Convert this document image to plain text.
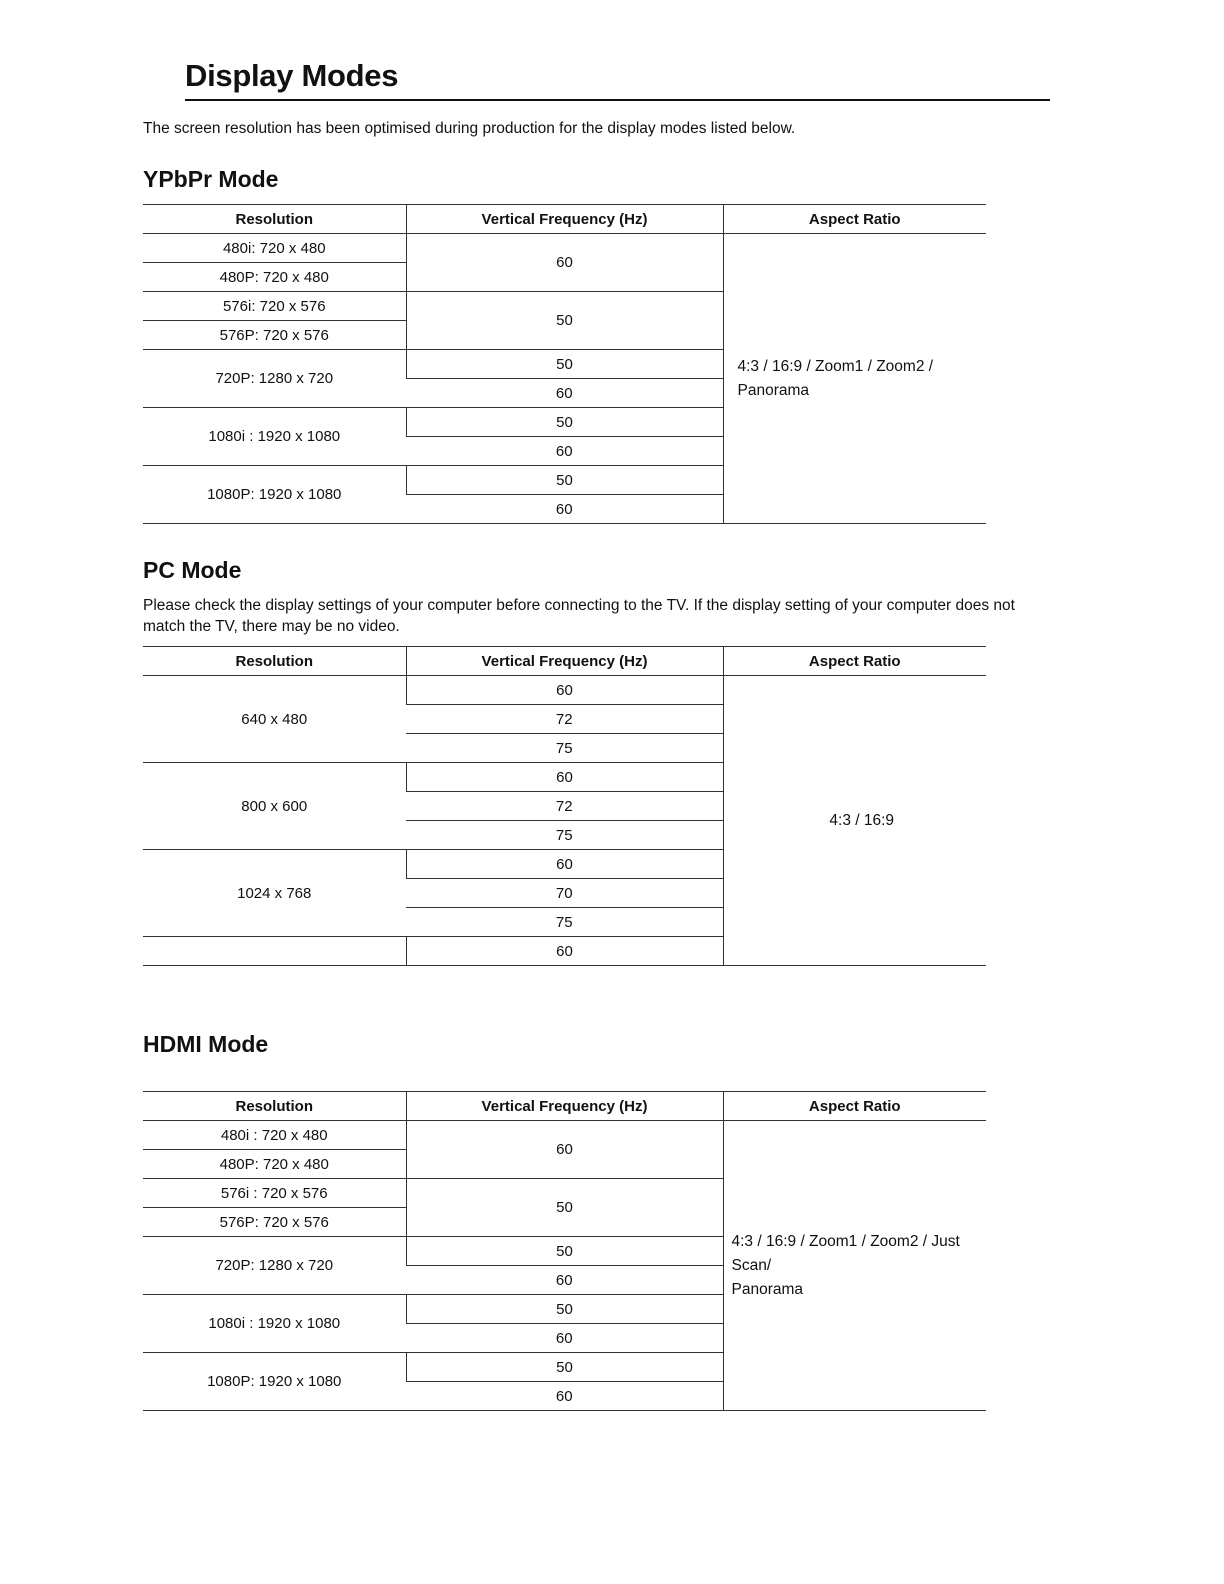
Display Modes

The screen resolution has been optimised during production for the display modes listed below.

YPbPr Mode
Resolution	Vertical Frequency (Hz)	Aspect Ratio
480i: 720 x 480	60	4:3 / 16:9 / Zoom1 / Zoom2 / Panorama
480P: 720 x 480		
576i: 720 x 576	50	
576P: 720 x 576		
720P: 1280 x 720	50	
	60	
1080i : 1920 x 1080	50	
	60	
1080P: 1920 x 1080	50	
	60	
PC Mode

Please check the display settings of your computer before connecting to the TV. If the display setting of your computer does not match the TV, there may be no video.

Resolution	Vertical Frequency (Hz)	Aspect Ratio
640 x 480	60	4:3 / 16:9
	72	
	75	
800 x 600	60	
	72	
	75	
1024 x 768	60	
	70	
	75	
	60	
HDMI Mode
Resolution	Vertical Frequency (Hz)	Aspect Ratio
480i : 720 x 480	60	4:3 / 16:9 / Zoom1 / Zoom2 / Just Scan/
Panorama

480P: 720 x 480		
576i : 720 x 576	50	
576P: 720 x 576		
720P: 1280 x 720	50	
	60	
1080i : 1920 x 1080	50	
	60	
1080P: 1920 x 1080	50	
	60	
